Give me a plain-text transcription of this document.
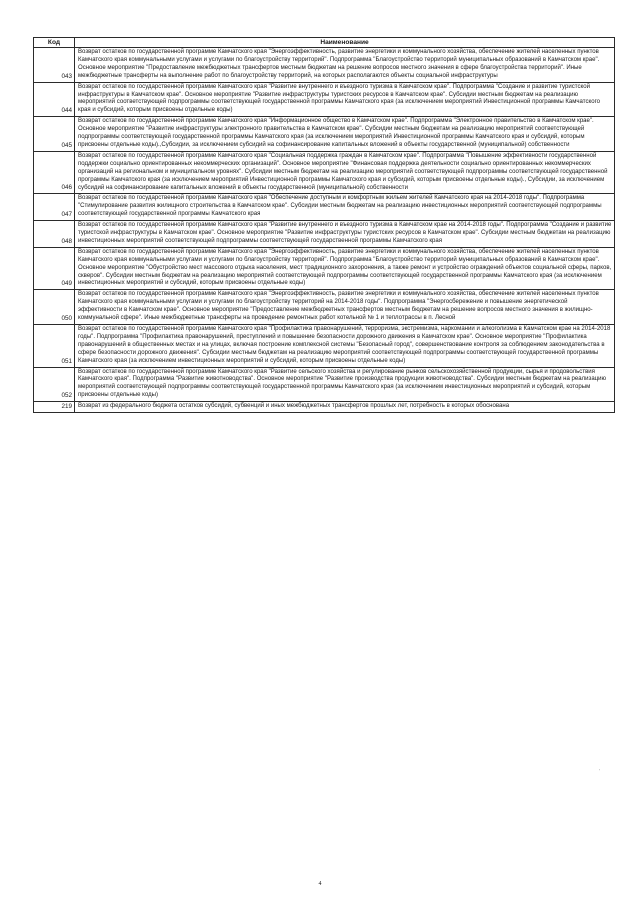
Код	Наименование
043	Возврат остатков по государственной программе Камчатского края "Энергоэффективность, развитие энергетики и коммунального хозяйства, обеспечение жителей населенных пунктов Камчатского края коммунальными услугами и услугами по благоустройству территорий". Подпрограмма "Благоустройство территорий муниципальных образований в Камчатском крае". Основное мероприятие "Предоставление межбюджетных трансфертов местным бюджетам на решение вопросов местного значения в сфере благоустройства территорий". Иные межбюджетные трансферты на выполнение работ по благоустройству территорий, на которых располагаются объекты социальной инфраструктуры
044	Возврат остатков по государственной программе Камчатского края "Развитие внутреннего и въездного туризма в Камчатском крае". Подпрограмма "Создание и развитие туристской инфраструктуры в Камчатском крае". Основное мероприятие "Развитие инфраструктуры туристских ресурсов в Камчатском крае". Субсидии местным бюджетам на реализацию мероприятий соответствующей подпрограммы соответствующей государственной программы Камчатского края (за исключением мероприятий Инвестиционной программы Камчатского края и субсидий, которым присвоены отдельные коды)
045	Возврат остатков по государственной программе Камчатского края "Информационное общество в Камчатском крае". Подпрограмма "Электронное правительство в Камчатском крае". Основное мероприятие "Развитие инфраструктуры электронного правительства в Камчатском крае". Субсидии местным бюджетам на реализацию мероприятий соответствующей подпрограммы соответствующей государственной программы Камчатского края (за исключением мероприятий Инвестиционной программы Камчатского края и субсидий, которым присвоены отдельные коды).,Субсидии, за исключением субсидий на софинансирование капитальных вложений в объекты государственной (муниципальной) собственности
046	Возврат остатков по государственной программе Камчатского края "Социальная поддержка граждан в Камчатском крае". Подпрограмма "Повышение эффективности государственной поддержки социально ориентированных некоммерческих организаций". Основное мероприятие "Финансовая поддержка деятельности социально ориентированных некоммерческих организаций на региональном и муниципальном уровнях". Субсидии местным бюджетам на реализацию мероприятий соответствующей подпрограммы соответствующей государственной программы Камчатского края (за исключением мероприятий Инвестиционной программы Камчатского края и субсидий, которым присвоены отдельные коды)., Субсидии, за исключением субсидий на софинансирование капитальных вложений в объекты государственной (муниципальной) собственности
047	Возврат остатков по государственной программе Камчатского края "Обеспечение доступным и комфортным жильем жителей Камчатского края на 2014-2018 годы". Подпрограмма "Стимулирование развития жилищного строительства в Камчатском крае". Субсидии местным бюджетам на реализацию инвестиционных мероприятий соответствующей подпрограммы соответствующей государственной программы Камчатского края
048	Возврат остатков по государственной программе Камчатского края "Развитие внутреннего и въездного туризма в Камчатском крае на 2014-2018 годы". Подпрограмма "Создание и развитие туристской инфраструктуры в Камчатском крае". Основное мероприятие "Развитие инфраструктуры туристских ресурсов в Камчатском крае". Субсидии местным бюджетам на реализацию инвестиционных мероприятий соответствующей подпрограммы соответствующей государственной программы Камчатского края
049	Возврат остатков по государственной программе Камчатского края "Энергоэффективность, развитие энергетики и коммунального хозяйства, обеспечение жителей населенных пунктов Камчатского края коммунальными услугами и услугами по благоустройству территорий". Подпрограмма "Благоустройство территорий муниципальных образований в Камчатском крае". Основное мероприятие "Обустройство мест массового отдыха населения, мест традиционного захоронения, а также ремонт и устройство ограждений объектов социальной сферы, парков, скверов". Субсидии местным бюджетам на реализацию мероприятий соответствующей подпрограммы соответствующей государственной программы Камчатского края (за исключением инвестиционных мероприятий и субсидий, которым присвоены отдельные коды)
050	Возврат остатков по государственной программе Камчатского края "Энергоэффективность, развитие энергетики и коммунального хозяйства, обеспечение жителей населенных пунктов Камчатского края коммунальными услугами и услугами по благоустройству территорий на 2014-2018 годы". Подпрограмма "Энергосбережение и повышение энергетической эффективности в Камчатском крае". Основное мероприятие "Предоставление межбюджетных трансфертов местным бюджетам на решение вопросов местного значения в жилищно-коммунальной сфере". Иные межбюджетные трансферты на проведение ремонтных работ котельной № 1 и теплотрассы в п. Лесной
051	Возврат остатков по государственной программе Камчатского края "Профилактика правонарушений, терроризма, экстремизма, наркомании и алкоголизма в Камчатском крае на 2014-2018 годы". Подпрограмма "Профилактика правонарушений, преступлений и повышение безопасности дорожного движения в Камчатском крае". Основное мероприятие "Профилактика правонарушений в общественных местах и на улицах, включая построение комплексной системы "Безопасный город", совершенствование контроля за соблюдением законодательства в сфере безопасности дорожного движения". Субсидии местным бюджетам на реализацию мероприятий соответствующей подпрограммы соответствующей государственной программы Камчатского края (за исключением инвестиционных мероприятий и субсидий, которым присвоены отдельные коды)
052	Возврат остатков по государственной программе Камчатского края "Развитие сельского хозяйства и регулирование рынков сельскохозяйственной продукции, сырья и продовольствия Камчатского края". Подпрограмма "Развитие животноводства". Основное мероприятие "Развитие производства продукции животноводства". Субсидии местным бюджетам на реализацию мероприятий соответствующей подпрограммы соответствующей государственной программы Камчатского края (за исключением инвестиционных мероприятий и субсидий, которым присвоены отдельные коды)
219	Возврат из федерального бюджета остатков субсидий, субвенций и иных межбюджетных трансфертов прошлых лет, потребность в которых обоснована
˙
4
